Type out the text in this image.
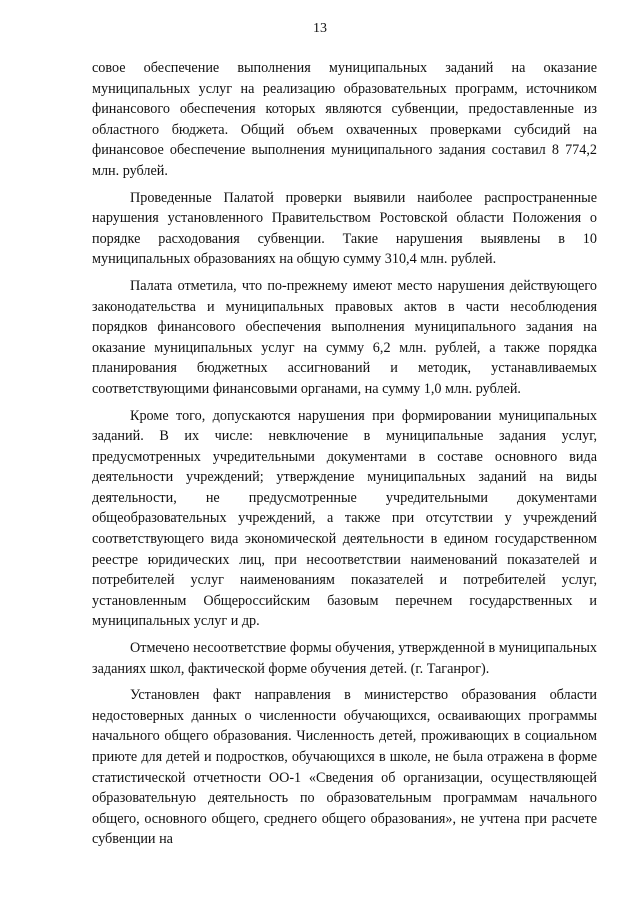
13

совое обеспечение выполнения муниципальных заданий на оказание муниципальных услуг на реализацию образовательных программ, источником финансового обеспечения которых являются субвенции, предоставленные из областного бюджета. Общий объем охваченных проверками субсидий на финансовое обеспечение выполнения муниципального задания составил 8 774,2 млн. рублей.

Проведенные Палатой проверки выявили наиболее распространенные нарушения установленного Правительством Ростовской области Положения о порядке расходования субвенции. Такие нарушения выявлены в 10 муниципальных образованиях на общую сумму 310,4 млн. рублей.

Палата отметила, что по-прежнему имеют место нарушения действующего законодательства и муниципальных правовых актов в части несоблюдения порядков финансового обеспечения выполнения муниципального задания на оказание муниципальных услуг на сумму 6,2 млн. рублей, а также порядка планирования бюджетных ассигнований и методик, устанавливаемых соответствующими финансовыми органами, на сумму 1,0 млн. рублей.

Кроме того, допускаются нарушения при формировании муниципальных заданий. В их числе: невключение в муниципальные задания услуг, предусмотренных учредительными документами в составе основного вида деятельности учреждений; утверждение муниципальных заданий на виды деятельности, не предусмотренные учредительными документами общеобразовательных учреждений, а также при отсутствии у учреждений соответствующего вида экономической деятельности в едином государственном реестре юридических лиц, при несоответствии наименований показателей и потребителей услуг наименованиям показателей и потребителей услуг, установленным Общероссийским базовым перечнем государственных и муниципальных услуг и др.

Отмечено несоответствие формы обучения, утвержденной в муниципальных заданиях школ, фактической форме обучения детей. (г. Таганрог).

Установлен факт направления в министерство образования области недостоверных данных о численности обучающихся, осваивающих программы начального общего образования. Численность детей, проживающих в социальном приюте для детей и подростков, обучающихся в школе, не была отражена в форме статистической отчетности ОО-1 «Сведения об организации, осуществляющей образовательную деятельность по образовательным программам начального общего, основного общего, среднего общего образования», не учтена при расчете субвенции на
